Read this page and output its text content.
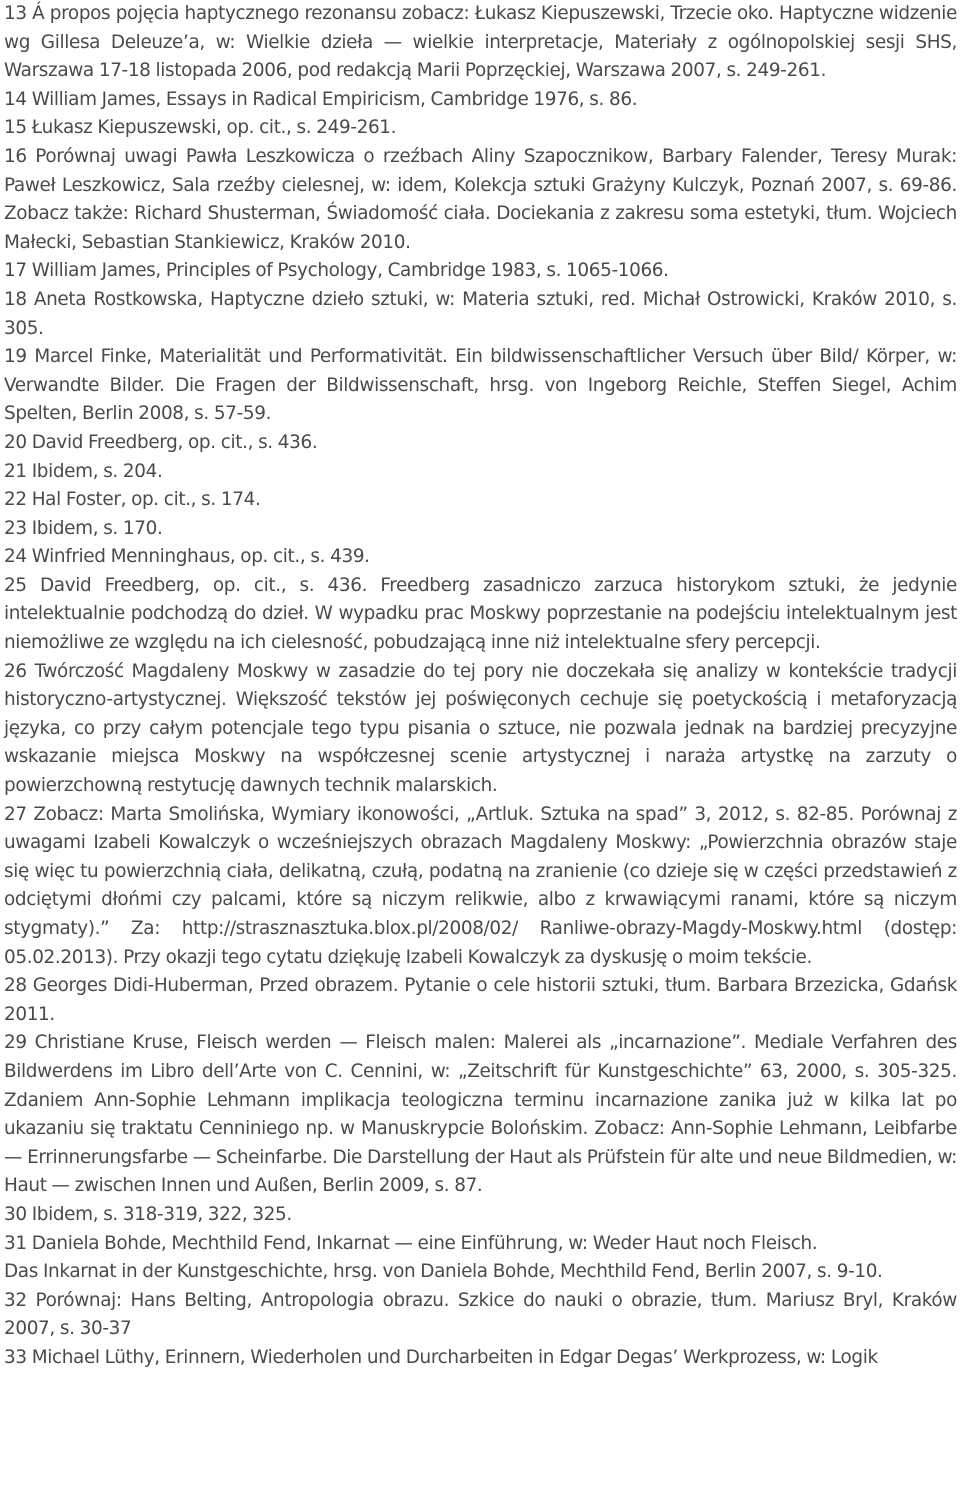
13 Á propos pojęcia haptycznego rezonansu zobacz: Łukasz Kiepuszewski, Trzecie oko. Haptyczne widzenie wg Gillesa Deleuze’a, w: Wielkie dzieła — wielkie interpretacje, Materiały z ogólnopolskiej sesji SHS, Warszawa 17-18 listopada 2006, pod redakcją Marii Poprzęckiej, Warszawa 2007, s. 249-261.

14 William James, Essays in Radical Empiricism, Cambridge 1976, s. 86.

15 Łukasz Kiepuszewski, op. cit., s. 249-261.

16 Porównaj uwagi Pawła Leszkowicza o rzeźbach Aliny Szapocznikow, Barbary Falender, Teresy Murak: Paweł Leszkowicz, Sala rzeźby cielesnej, w: idem, Kolekcja sztuki Grażyny Kulczyk, Poznań 2007, s. 69-86. Zobacz także: Richard Shusterman, Świadomość ciała. Dociekania z zakresu soma estetyki, tłum. Wojciech Małecki, Sebastian Stankiewicz, Kraków 2010.

17 William James, Principles of Psychology, Cambridge 1983, s. 1065-1066.

18 Aneta Rostkowska, Haptyczne dzieło sztuki, w: Materia sztuki, red. Michał Ostrowicki, Kraków 2010, s. 305.

19 Marcel Finke, Materialität und Performativität. Ein bildwissenschaftlicher Versuch über Bild/ Körper, w: Verwandte Bilder. Die Fragen der Bildwissenschaft, hrsg. von Ingeborg Reichle, Steffen Siegel, Achim Spelten, Berlin 2008, s. 57-59.

20 David Freedberg, op. cit., s. 436.

21 Ibidem, s. 204.

22 Hal Foster, op. cit., s. 174.

23 Ibidem, s. 170.

24 Winfried Menninghaus, op. cit., s. 439.

25 David Freedberg, op. cit., s. 436. Freedberg zasadniczo zarzuca historykom sztuki, że jedynie intelektualnie podchodzą do dzieł. W wypadku prac Moskwy poprzestanie na podejściu intelektualnym jest niemożliwe ze względu na ich cielesność, pobudzającą inne niż intelektualne sfery percepcji.

26 Twórczość Magdaleny Moskwy w zasadzie do tej pory nie doczekała się analizy w kontekście tradycji historyczno-artystycznej. Większość tekstów jej poświęconych cechuje się poetyckością i metaforyzacją języka, co przy całym potencjale tego typu pisania o sztuce, nie pozwala jednak na bardziej precyzyjne wskazanie miejsca Moskwy na współczesnej scenie artystycznej i naraża artystkę na zarzuty o powierzchowną restytucję dawnych technik malarskich.

27 Zobacz: Marta Smolińska, Wymiary ikonowości, „Artluk. Sztuka na spad” 3, 2012, s. 82-85. Porównaj z uwagami Izabeli Kowalczyk o wcześniejszych obrazach Magdaleny Moskwy: „Powierzchnia obrazów staje się więc tu powierzchnią ciała, delikatną, czułą, podatną na zranienie (co dzieje się w części przedstawień z odciętymi dłońmi czy palcami, które są niczym relikwie, albo z krwawiącymi ranami, które są niczym stygmaty).” Za: http://strasznasztuka.blox.pl/2008/02/ Ranliwe-obrazy-Magdy-Moskwy.html (dostęp: 05.02.2013). Przy okazji tego cytatu dziękuję Izabeli Kowalczyk za dyskusję o moim tekście.

28 Georges Didi-Huberman, Przed obrazem. Pytanie o cele historii sztuki, tłum. Barbara Brzezicka, Gdańsk 2011.

29 Christiane Kruse, Fleisch werden — Fleisch malen: Malerei als „incarnazione”. Mediale Verfahren des Bildwerdens im Libro dell’Arte von C. Cennini, w: „Zeitschrift für Kunstgeschichte” 63, 2000, s. 305-325. Zdaniem Ann-Sophie Lehmann implikacja teologiczna terminu incarnazione zanika już w kilka lat po ukazaniu się traktatu Cenniniego np. w Manuskrypcie Bolońskim. Zobacz: Ann-Sophie Lehmann, Leibfarbe — Errinnerungsfarbe — Scheinfarbe. Die Darstellung der Haut als Prüfstein für alte und neue Bildmedien, w: Haut — zwischen Innen und Außen, Berlin 2009, s. 87.

30 Ibidem, s. 318-319, 322, 325.

31 Daniela Bohde, Mechthild Fend, Inkarnat — eine Einführung, w: Weder Haut noch Fleisch.

Das Inkarnat in der Kunstgeschichte, hrsg. von Daniela Bohde, Mechthild Fend, Berlin 2007, s. 9-10.

32 Porównaj: Hans Belting, Antropologia obrazu. Szkice do nauki o obrazie, tłum. Mariusz Bryl, Kraków 2007, s. 30-37

33 Michael Lüthy, Erinnern, Wiederholen und Durcharbeiten in Edgar Degas’ Werkprozess, w: Logik
